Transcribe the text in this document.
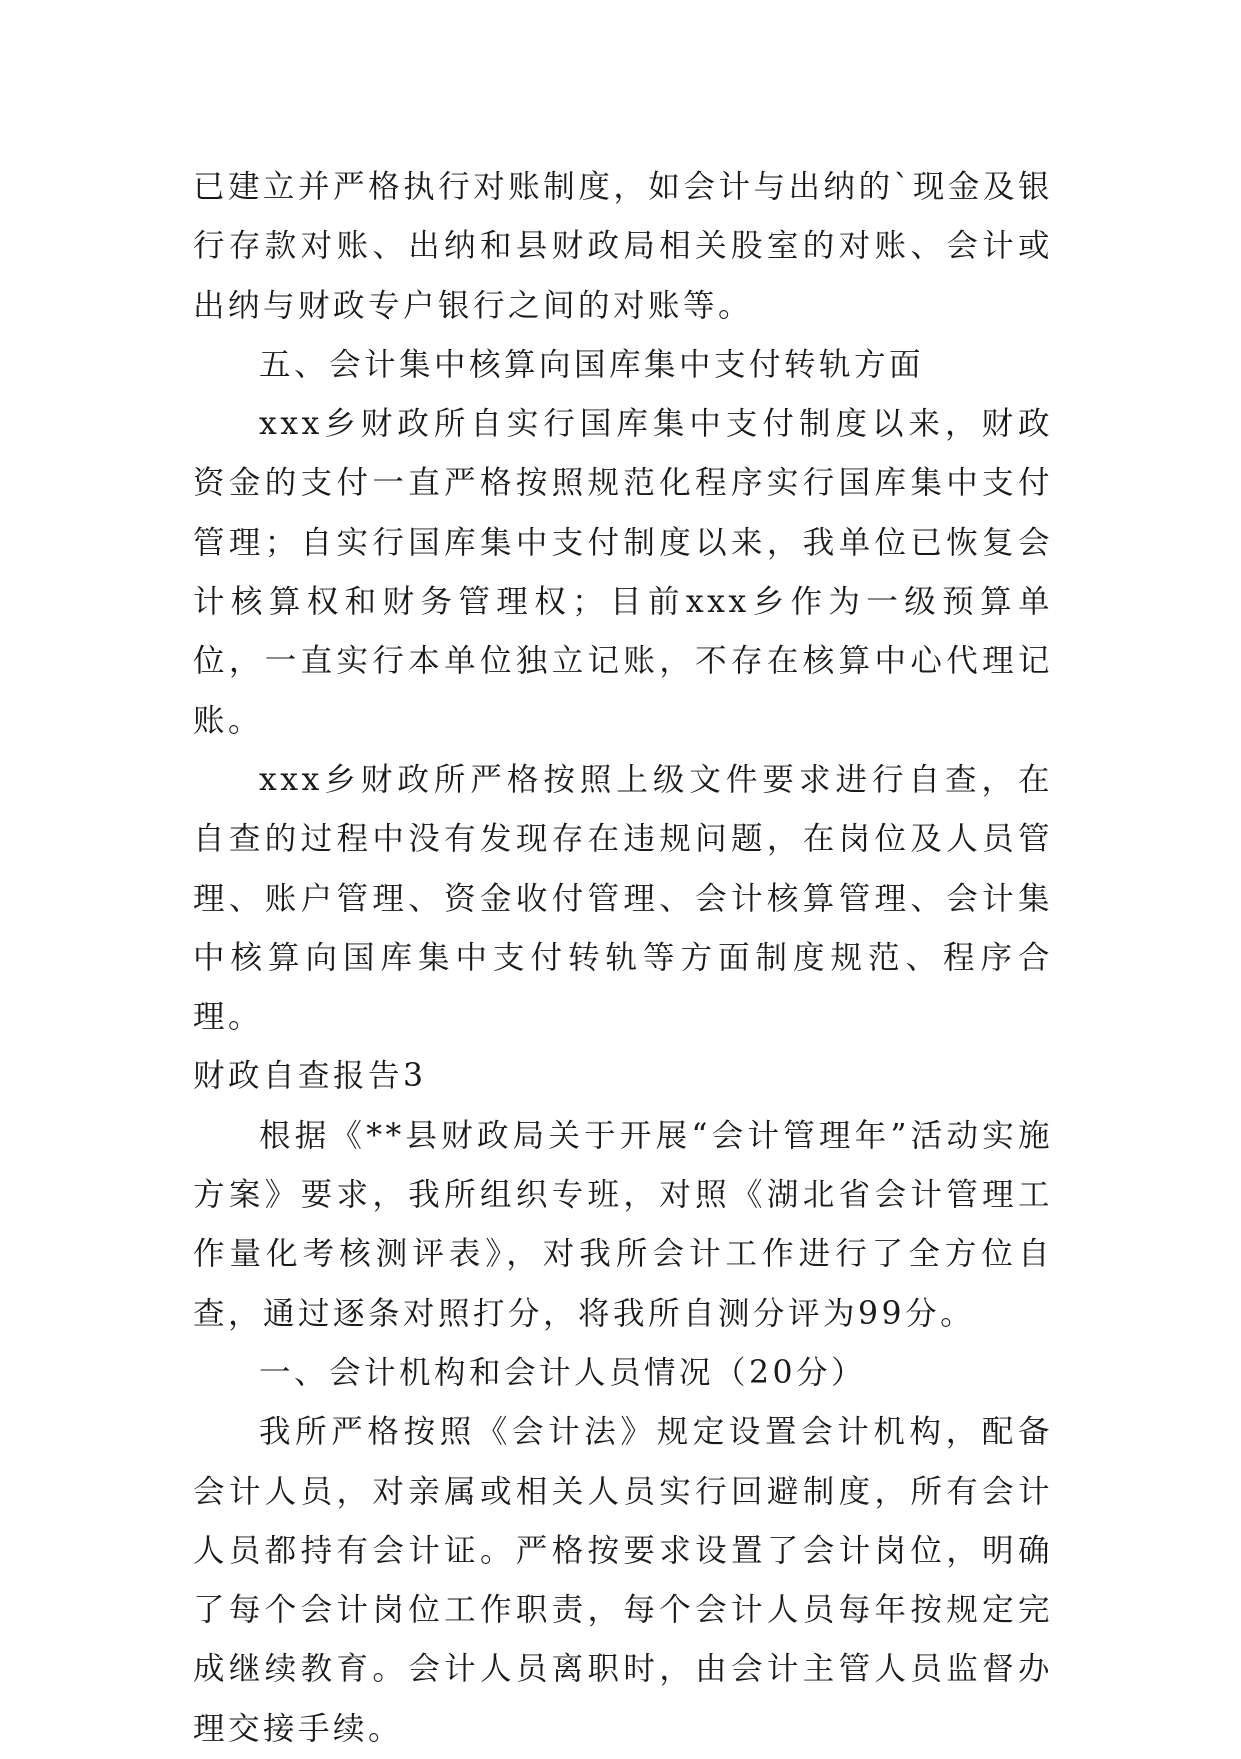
已建立并严格执行对账制度，如会计与出纳的`现金及银行存款对账、出纳和县财政局相关股室的对账、会计或出纳与财政专户银行之间的对账等。

五、会计集中核算向国库集中支付转轨方面

xxx乡财政所自实行国库集中支付制度以来，财政资金的支付一直严格按照规范化程序实行国库集中支付管理；自实行国库集中支付制度以来，我单位已恢复会计核算权和财务管理权；目前xxx乡作为一级预算单位，一直实行本单位独立记账，不存在核算中心代理记账。

xxx乡财政所严格按照上级文件要求进行自查，在自查的过程中没有发现存在违规问题，在岗位及人员管理、账户管理、资金收付管理、会计核算管理、会计集中核算向国库集中支付转轨等方面制度规范、程序合理。

财政自查报告3

根据《**县财政局关于开展“会计管理年”活动实施方案》要求，我所组织专班，对照《湖北省会计管理工作量化考核测评表》，对我所会计工作进行了全方位自查，通过逐条对照打分，将我所自测分评为99分。

一、会计机构和会计人员情况（20分）

我所严格按照《会计法》规定设置会计机构，配备会计人员，对亲属或相关人员实行回避制度，所有会计人员都持有会计证。严格按要求设置了会计岗位，明确了每个会计岗位工作职责，每个会计人员每年按规定完成继续教育。会计人员离职时，由会计主管人员监督办理交接手续。
